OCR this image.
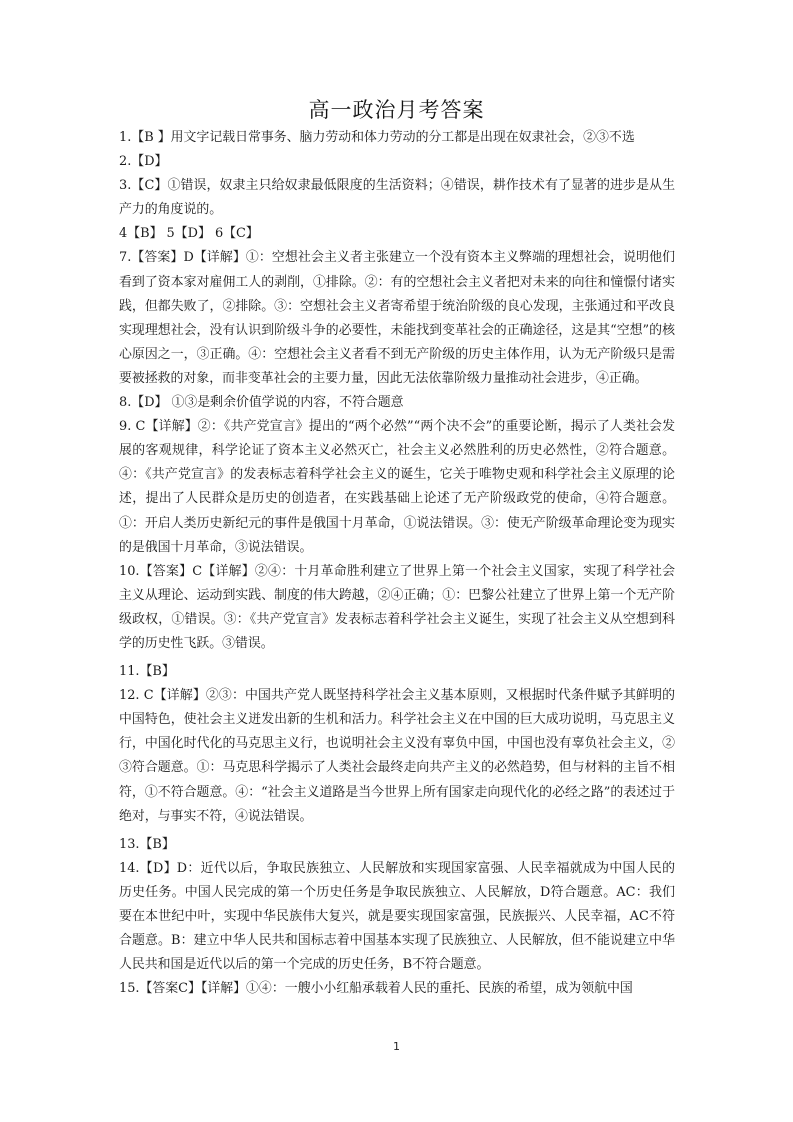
高一政治月考答案

1.【B 】用文字记载日常事务、脑力劳动和体力劳动的分工都是出现在奴隶社会，②③不选

2.【D】

3.【C】①错误，奴隶主只给奴隶最低限度的生活资料；④错误，耕作技术有了显著的进步是从生产力的角度说的。

4【B】 5【D】 6【C】

7.【答案】D【详解】①：空想社会主义者主张建立一个没有资本主义弊端的理想社会，说明他们看到了资本家对雇佣工人的剥削，①排除。②：有的空想社会主义者把对未来的向往和憧憬付诸实践，但都失败了，②排除。③：空想社会主义者寄希望于统治阶级的良心发现，主张通过和平改良实现理想社会，没有认识到阶级斗争的必要性，未能找到变革社会的正确途径，这是其“空想”的核心原因之一，③正确。④：空想社会主义者看不到无产阶级的历史主体作用，认为无产阶级只是需要被拯救的对象，而非变革社会的主要力量，因此无法依靠阶级力量推动社会进步，④正确。

8.【D】 ①③是剩余价值学说的内容，不符合题意

9. C【详解】②：《共产党宣言》提出的“两个必然”“两个决不会”的重要论断，揭示了人类社会发展的客观规律，科学论证了资本主义必然灭亡，社会主义必然胜利的历史必然性，②符合题意。④：《共产党宣言》的发表标志着科学社会主义的诞生，它关于唯物史观和科学社会主义原理的论述，提出了人民群众是历史的创造者，在实践基础上论述了无产阶级政党的使命，④符合题意。①：开启人类历史新纪元的事件是俄国十月革命，①说法错误。③：使无产阶级革命理论变为现实的是俄国十月革命，③说法错误。

10.【答案】C【详解】②④：十月革命胜利建立了世界上第一个社会主义国家，实现了科学社会主义从理论、运动到实践、制度的伟大跨越，②④正确；①：巴黎公社建立了世界上第一个无产阶级政权，①错误。③：《共产党宣言》发表标志着科学社会主义诞生，实现了社会主义从空想到科学的历史性飞跃。③错误。

11.【B】

12. C【详解】②③：中国共产党人既坚持科学社会主义基本原则，又根据时代条件赋予其鲜明的中国特色，使社会主义迸发出新的生机和活力。科学社会主义在中国的巨大成功说明，马克思主义行，中国化时代化的马克思主义行，也说明社会主义没有辜负中国，中国也没有辜负社会主义，②③符合题意。①：马克思科学揭示了人类社会最终走向共产主义的必然趋势，但与材料的主旨不相符，①不符合题意。④：“社会主义道路是当今世界上所有国家走向现代化的必经之路”的表述过于绝对，与事实不符，④说法错误。

13.【B】

14.【D】D：近代以后，争取民族独立、人民解放和实现国家富强、人民幸福就成为中国人民的历史任务。中国人民完成的第一个历史任务是争取民族独立、人民解放，D符合题意。AC：我们要在本世纪中叶，实现中华民族伟大复兴，就是要实现国家富强，民族振兴、人民幸福，AC不符合题意。B：建立中华人民共和国标志着中国基本实现了民族独立、人民解放，但不能说建立中华人民共和国是近代以后的第一个完成的历史任务，B不符合题意。

15.【答案C】【详解】①④：一艘小小红船承载着人民的重托、民族的希望，成为领航中国

1
